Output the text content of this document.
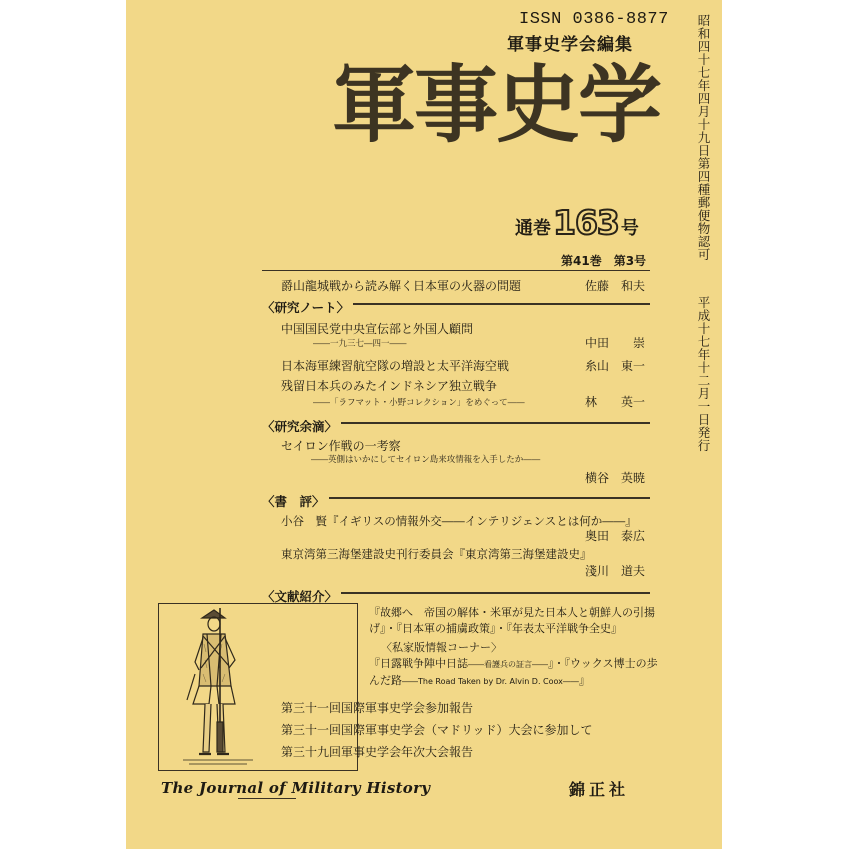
昭和四十七年四月十九日第四種郵便物認可
平成十七年十二月一日発行
ISSN 0386-8877
軍事史学会編集
軍事史学
通巻163 号
第41巻　第3号
爵山龍城戦から読み解く日本軍の火器の問題	佐藤　和夫
〈研究ノート〉
中国国民党中央宣伝部と外国人顧問
――一九三七―四一――	中田　　崇
日本海軍練習航空隊の増設と太平洋海空戦	糸山　東一
残留日本兵のみたインドネシア独立戦争
――「ラフマット・小野コレクション」をめぐって――	林　　英一
〈研究余滴〉
セイロン作戦の一考察
――英側はいかにしてセイロン島来攻情報を入手したか――
横谷　英暁
〈書　評〉
小谷　賢『イギリスの情報外交――インテリジェンスとは何か――』
奥田　泰広
東京湾第三海堡建設史刊行委員会『東京湾第三海堡建設史』
淺川　道夫
〈文献紹介〉
『故郷へ　帝国の解体・米軍が見た日本人と朝鮮人の引揚
げ』・『日本軍の捕虜政策』・『年表太平洋戦争全史』
〈私家版情報コーナー〉
『日露戦争陣中日誌――看護兵の証言――』・『ウックス博士の歩
んだ路――The Road Taken by Dr. Alvin D. Coox――』
第三十一回国際軍事史学会参加報告
第三十一回国際軍事史学会（マドリッド）大会に参加して
第三十九回軍事史学会年次大会報告
The Journal of Military History	錦正社
